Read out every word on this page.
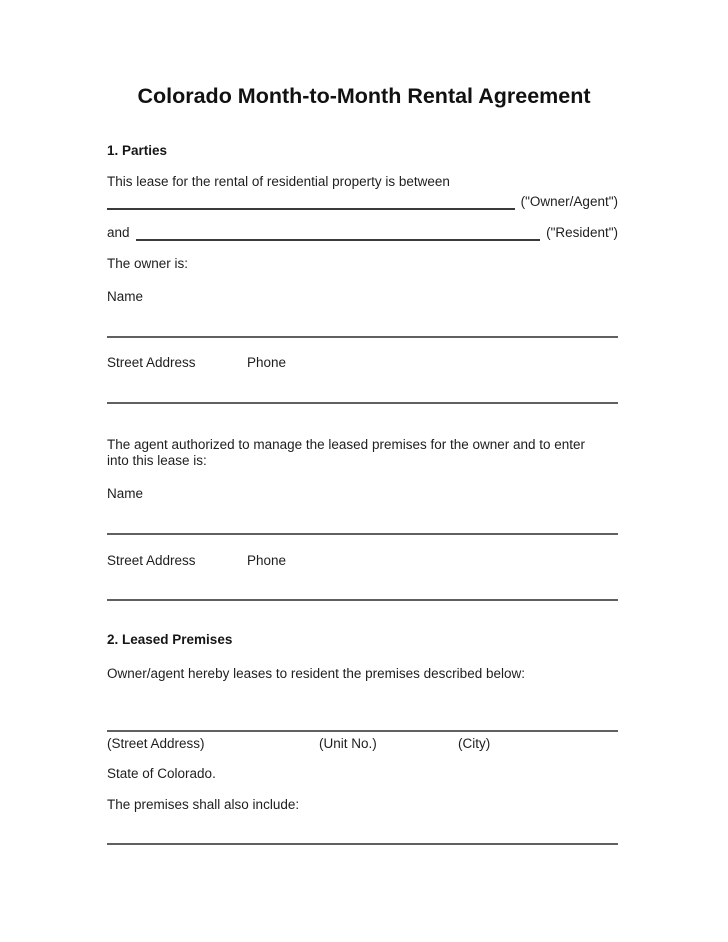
Colorado Month-to-Month Rental Agreement
1. Parties
This lease for the rental of residential property is between
("Owner/Agent")
and	("Resident")
The owner is:
Name
Street Address	Phone
The agent authorized to manage the leased premises for the owner and to enter into this lease is:
Name
Street Address	Phone
2. Leased Premises
Owner/agent hereby leases to resident the premises described below:
(Street Address)	(Unit No.)	(City)
State of Colorado.
The premises shall also include:
